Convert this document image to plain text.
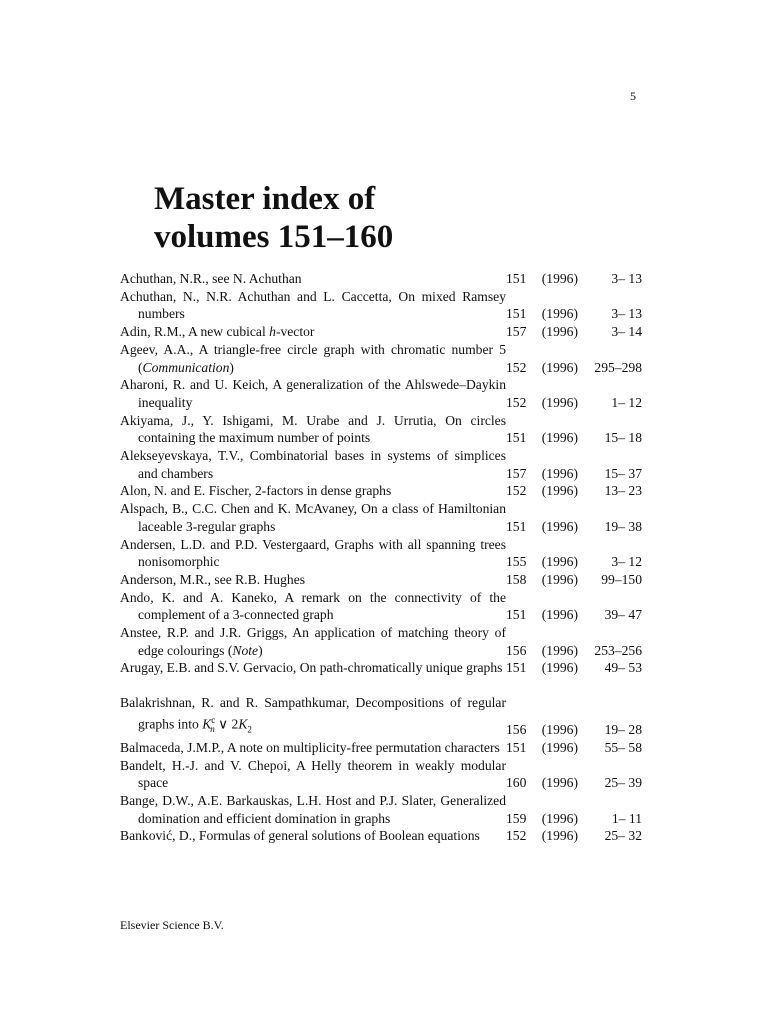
5
Master index of
volumes 151–160
Achuthan, N.R., see N. Achuthan	151	(1996)	3– 13
Achuthan, N., N.R. Achuthan and L. Caccetta, On mixed Ramsey numbers	151	(1996)	3– 13
Adin, R.M., A new cubical h-vector	157	(1996)	3– 14
Ageev, A.A., A triangle-free circle graph with chromatic number 5 (Communication)	152	(1996)	295–298
Aharoni, R. and U. Keich, A generalization of the Ahlswede–Daykin inequality	152	(1996)	1– 12
Akiyama, J., Y. Ishigami, M. Urabe and J. Urrutia, On circles containing the maximum number of points	151	(1996)	15– 18
Alekseyevskaya, T.V., Combinatorial bases in systems of simplices and chambers	157	(1996)	15– 37
Alon, N. and E. Fischer, 2-factors in dense graphs	152	(1996)	13– 23
Alspach, B., C.C. Chen and K. McAvaney, On a class of Hamiltonian laceable 3-regular graphs	151	(1996)	19– 38
Andersen, L.D. and P.D. Vestergaard, Graphs with all spanning trees nonisomorphic	155	(1996)	3– 12
Anderson, M.R., see R.B. Hughes	158	(1996)	99–150
Ando, K. and A. Kaneko, A remark on the connectivity of the complement of a 3-connected graph	151	(1996)	39– 47
Anstee, R.P. and J.R. Griggs, An application of matching theory of edge colourings (Note)	156	(1996)	253–256
Arugay, E.B. and S.V. Gervacio, On path-chromatically unique graphs 151	(1996)	49– 53
Balakrishnan, R. and R. Sampathkumar, Decompositions of regular graphs into $K^c_n$ ∨ $2K_2$	156	(1996)	19– 28
Balmaceda, J.M.P., A note on multiplicity-free permutation characters 151	(1996)	55– 58
Bandelt, H.-J. and V. Chepoi, A Helly theorem in weakly modular space	160	(1996)	25– 39
Bange, D.W., A.E. Barkauskas, L.H. Host and P.J. Slater, Generalized domination and efficient domination in graphs	159	(1996)	1– 11
Banković, D., Formulas of general solutions of Boolean equations	152	(1996)	25– 32
Elsevier Science B.V.
